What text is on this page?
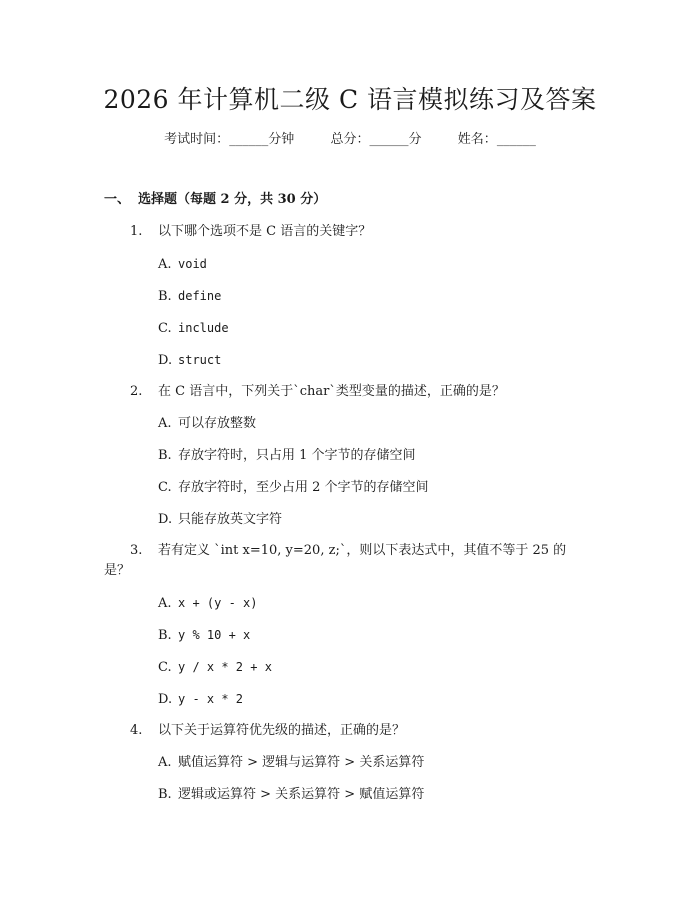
2026 年计算机二级 C 语言模拟练习及答案
考试时间：______分钟	总分：______分	姓名：______
一、 选择题（每题 2 分，共 30 分）
1. 以下哪个选项不是 C 语言的关键字？
A. void
B. define
C. include
D. struct
2. 在 C 语言中，下列关于`char`类型变量的描述，正确的是？
A. 可以存放整数
B. 存放字符时，只占用 1 个字节的存储空间
C. 存放字符时，至少占用 2 个字节的存储空间
D. 只能存放英文字符
3. 若有定义 `int x=10, y=20, z;`，则以下表达式中，其值不等于 25 的
是？
A. x + (y - x)
B. y % 10 + x
C. y / x * 2 + x
D. y - x * 2
4. 以下关于运算符优先级的描述，正确的是？
A. 赋值运算符 > 逻辑与运算符 > 关系运算符
B. 逻辑或运算符 > 关系运算符 > 赋值运算符
